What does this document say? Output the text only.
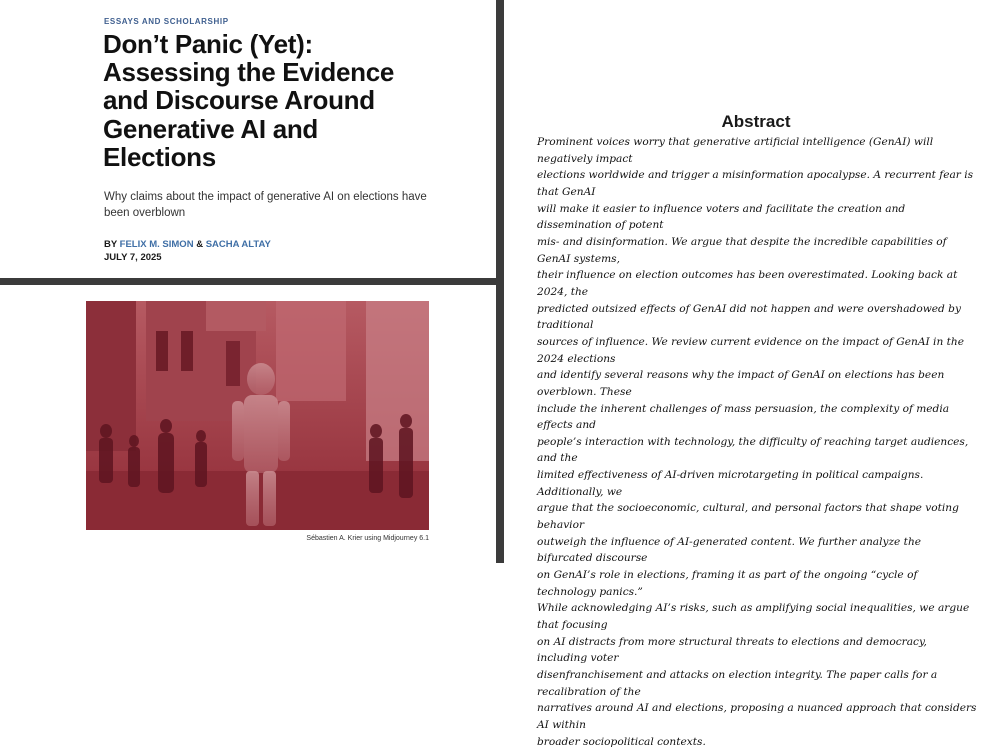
ESSAYS AND SCHOLARSHIP
Don’t Panic (Yet):
Assessing the Evidence
and Discourse Around
Generative AI and
Elections
Why claims about the impact of generative AI on elections have been overblown
BY FELIX M. SIMON & SACHA ALTAY
JULY 7, 2025
Sébastien A. Krier using Midjourney 6.1
Abstract
Prominent voices worry that generative artificial intelligence (GenAI) will negatively impact
elections worldwide and trigger a misinformation apocalypse. A recurrent fear is that GenAI
will make it easier to influence voters and facilitate the creation and dissemination of potent
mis- and disinformation. We argue that despite the incredible capabilities of GenAI systems,
their influence on election outcomes has been overestimated. Looking back at 2024, the
predicted outsized effects of GenAI did not happen and were overshadowed by traditional
sources of influence. We review current evidence on the impact of GenAI in the 2024 elections
and identify several reasons why the impact of GenAI on elections has been overblown. These
include the inherent challenges of mass persuasion, the complexity of media effects and
people’s interaction with technology, the difficulty of reaching target audiences, and the
limited effectiveness of AI-driven microtargeting in political campaigns. Additionally, we
argue that the socioeconomic, cultural, and personal factors that shape voting behavior
outweigh the influence of AI-generated content. We further analyze the bifurcated discourse
on GenAI’s role in elections, framing it as part of the ongoing “cycle of technology panics.”
While acknowledging AI’s risks, such as amplifying social inequalities, we argue that focusing
on AI distracts from more structural threats to elections and democracy, including voter
disenfranchisement and attacks on election integrity. The paper calls for a recalibration of the
narratives around AI and elections, proposing a nuanced approach that considers AI within
broader sociopolitical contexts.
